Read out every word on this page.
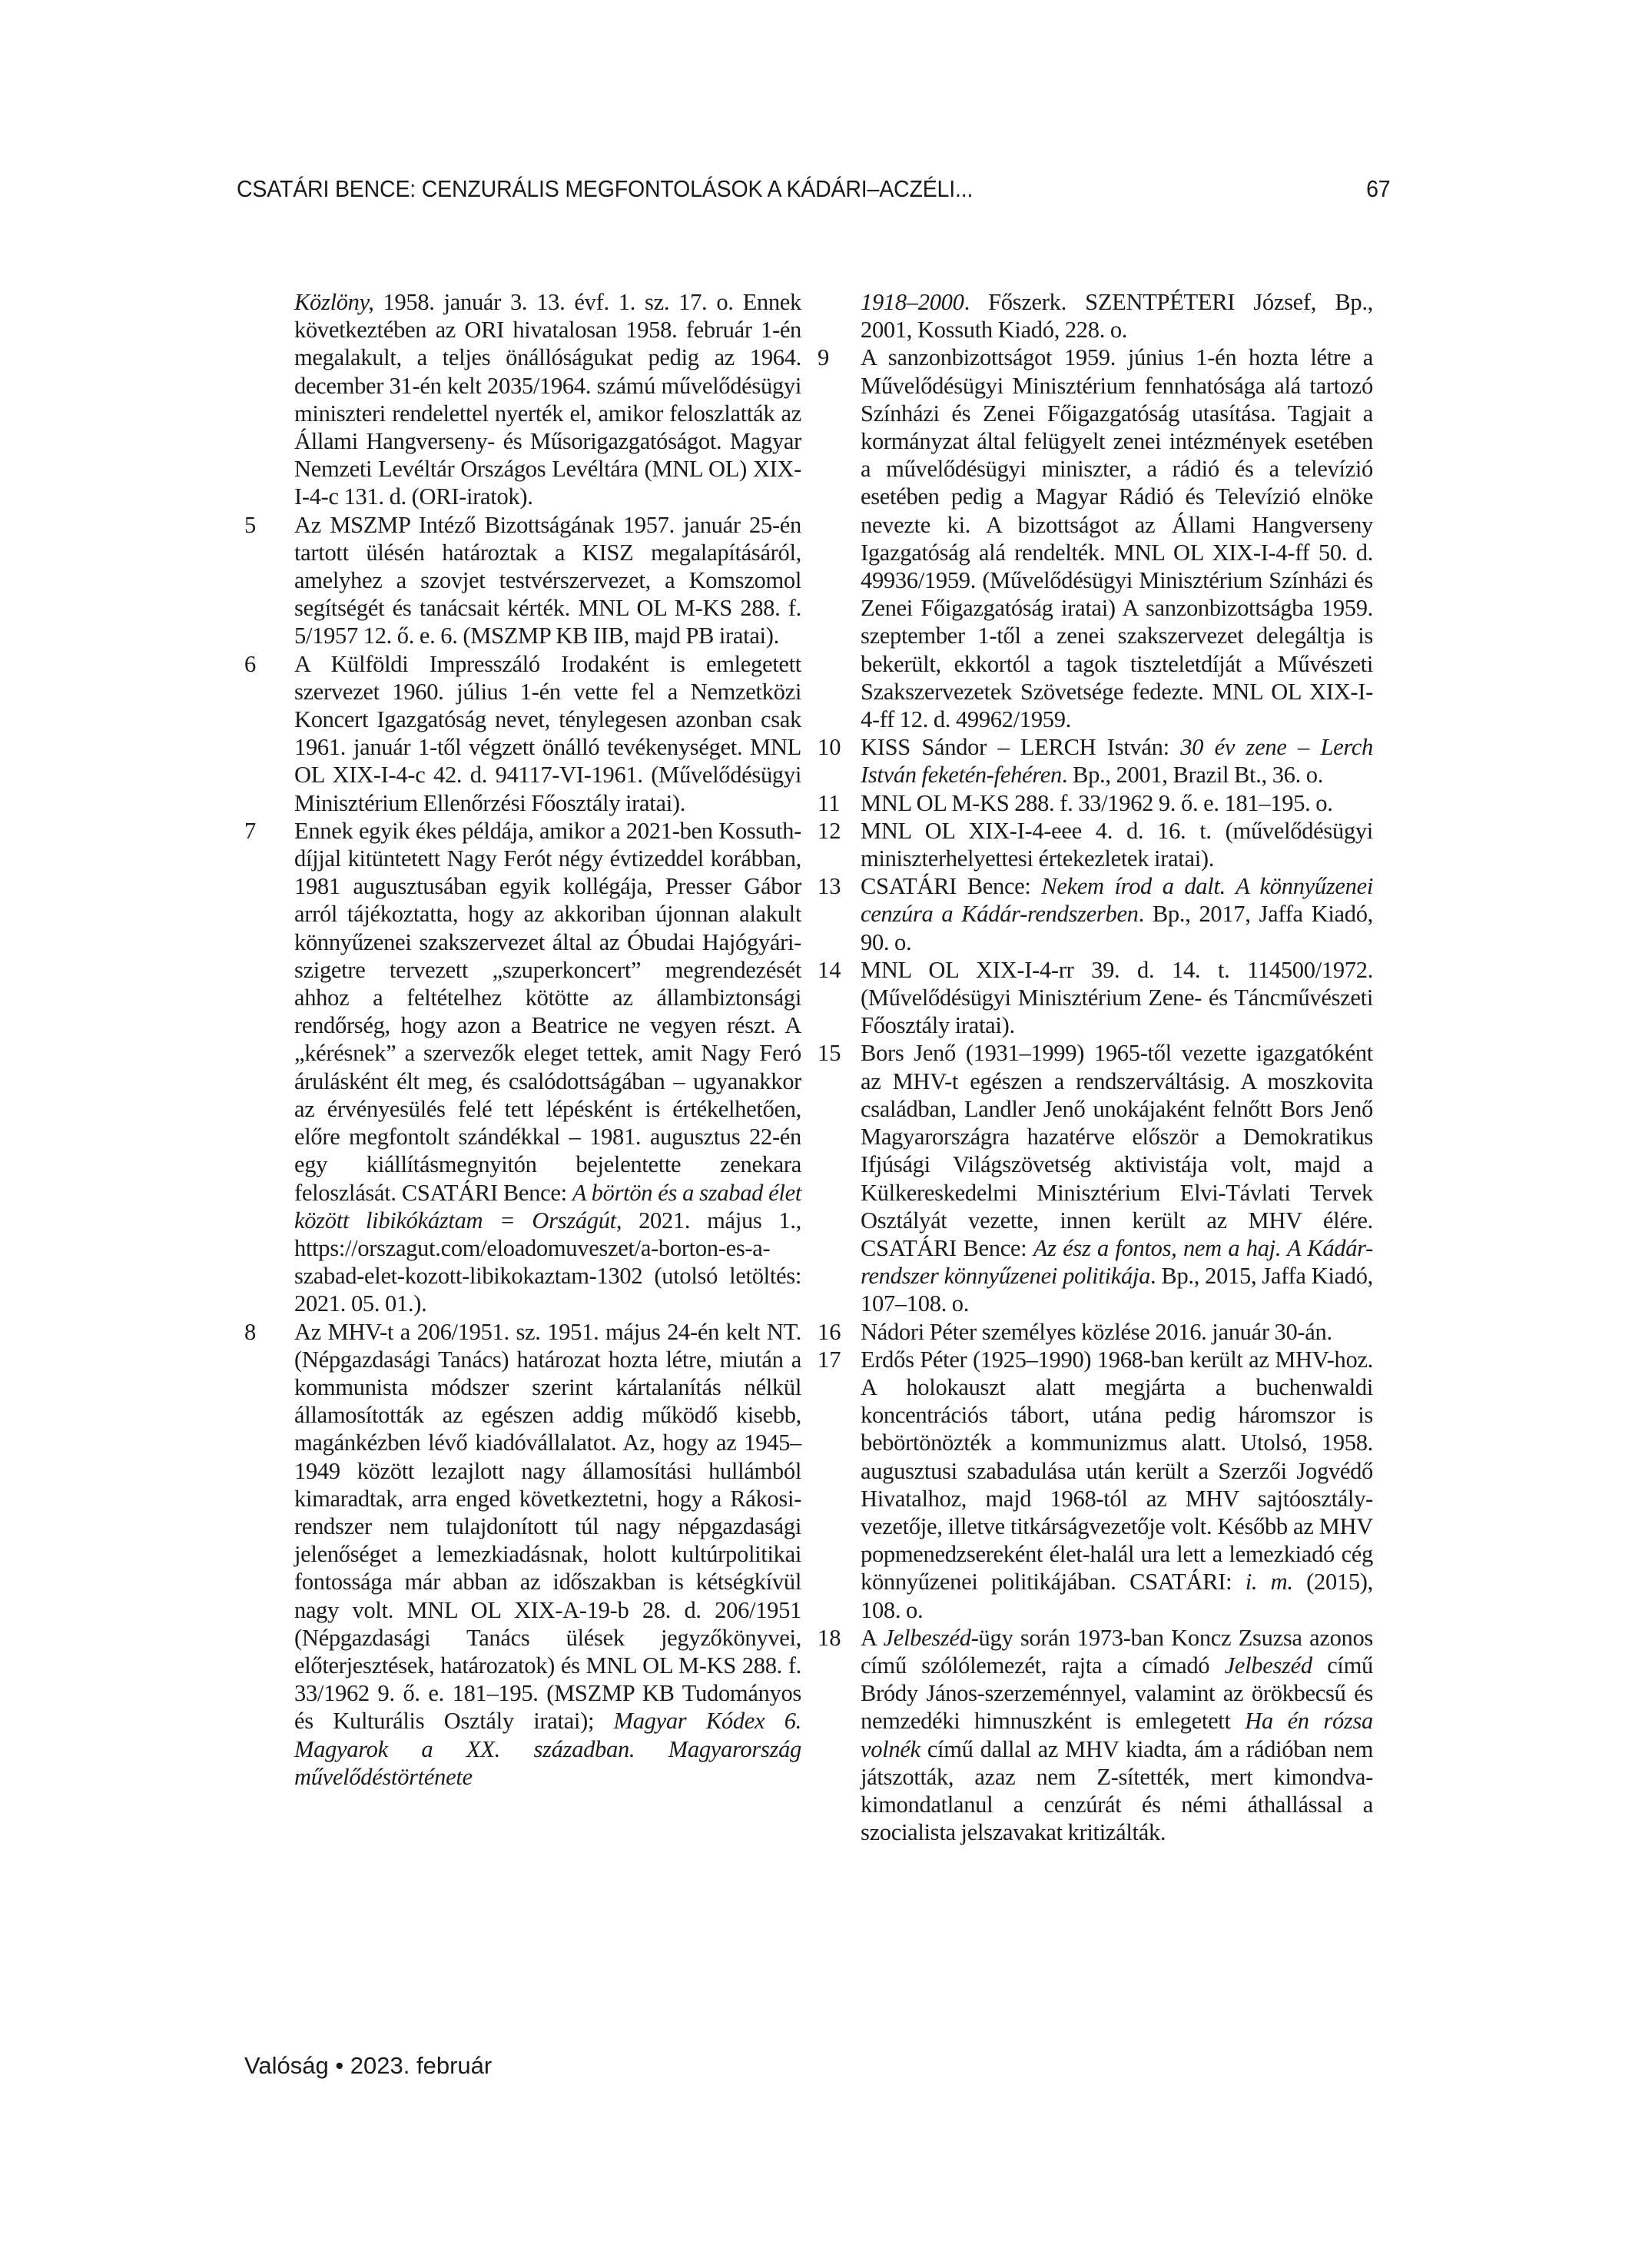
CSATÁRI BENCE: CENZURÁLIS MEGFONTOLÁSOK A KÁDÁRI–ACZÉLI...	67
Közlöny, 1958. január 3. 13. évf. 1. sz. 17. o. Ennek következtében az ORI hivatalosan 1958. február 1-én megalakult, a teljes önállóságukat pedig az 1964. december 31-én kelt 2035/1964. számú művelődésügyi miniszteri rendelettel nyerték el, amikor feloszlatták az Állami Hangverseny- és Műsorigazgatóságot. Magyar Nemzeti Levéltár Országos Levéltára (MNL OL) XIX-I-4-c 131. d. (ORI-iratok).
5 Az MSZMP Intéző Bizottságának 1957. január 25-én tartott ülésén határoztak a KISZ megalapításáról, amelyhez a szovjet testvérszervezet, a Komszomol segítségét és tanácsait kérték. MNL OL M-KS 288. f. 5/1957 12. ő. e. 6. (MSZMP KB IIB, majd PB iratai).
6 A Külföldi Impresszáló Irodaként is emlegetett szervezet 1960. július 1-én vette fel a Nemzetközi Koncert Igazgatóság nevet, ténylegesen azonban csak 1961. január 1-től végzett önálló tevékenységet. MNL OL XIX-I-4-c 42. d. 94117-VI-1961. (Művelődésügyi Minisztérium Ellenőrzési Főosztály iratai).
7 Ennek egyik ékes példája, amikor a 2021-ben Kossuth-díjjal kitüntetett Nagy Ferót négy évtizeddel korábban, 1981 augusztusában egyik kollégája, Presser Gábor arról tájékoztatta, hogy az akkoriban újonnan alakult könnyűzenei szakszervezet által az Óbudai Hajógyári-szigetre tervezett „szuperkoncert” megrendezését ahhoz a feltételhez kötötte az állambiztonsági rendőrség, hogy azon a Beatrice ne vegyen részt. A „kérésnek” a szervezők eleget tettek, amit Nagy Feró árulásként élt meg, és csalódottságában – ugyanakkor az érvényesülés felé tett lépésként is értékelhetően, előre megfontolt szándékkal – 1981. augusztus 22-én egy kiállításmegnyitón bejelentette zenekara feloszlását. CSATÁRI Bence: A börtön és a szabad élet között libikókáztam = Országút, 2021. május 1., https://orszagut.com/eloadomuveszet/a-borton-es-a-szabad-elet-kozott-libikokaztam-1302 (utolsó letöltés: 2021. 05. 01.).
8 Az MHV-t a 206/1951. sz. 1951. május 24-én kelt NT. (Népgazdasági Tanács) határozat hozta létre, miután a kommunista módszer szerint kártalanítás nélkül államosították az egészen addig működő kisebb, magánkézben lévő kiadóvállalatot. Az, hogy az 1945–1949 között lezajlott nagy államosítási hullámból kimaradtak, arra enged következtetni, hogy a Rákosi-rendszer nem tulajdonított túl nagy népgazdasági jelenőséget a lemezkiadásnak, holott kultúrpolitikai fontossága már abban az időszakban is kétségkívül nagy volt. MNL OL XIX-A-19-b 28. d. 206/1951 (Népgazdasági Tanács ülések jegyzőkönyvei, előterjesztések, határozatok) és MNL OL M-KS 288. f. 33/1962 9. ő. e. 181–195. (MSZMP KB Tudományos és Kulturális Osztály iratai); Magyar Kódex 6. Magyarok a XX. században. Magyarország művelődéstörténete
1918–2000. Főszerk. SZENTPÉTERI József, Bp., 2001, Kossuth Kiadó, 228. o.
9 A sanzonbizottságot 1959. június 1-én hozta létre a Művelődésügyi Minisztérium fennhatósága alá tartozó Színházi és Zenei Főigazgatóság utasítása. Tagjait a kormányzat által felügyelt zenei intézmények esetében a művelődésügyi miniszter, a rádió és a televízió esetében pedig a Magyar Rádió és Televízió elnöke nevezte ki. A bizottságot az Állami Hangverseny Igazgatóság alá rendelték. MNL OL XIX-I-4-ff 50. d. 49936/1959. (Művelődésügyi Minisztérium Színházi és Zenei Főigazgatóság iratai) A sanzonbizottságba 1959. szeptember 1-től a zenei szakszervezet delegáltja is bekerült, ekkortól a tagok tiszteletdíját a Művészeti Szakszervezetek Szövetsége fedezte. MNL OL XIX-I-4-ff 12. d. 49962/1959.
10 KISS Sándor – LERCH István: 30 év zene – Lerch István feketén-fehéren. Bp., 2001, Brazil Bt., 36. o.
11 MNL OL M-KS 288. f. 33/1962 9. ő. e. 181–195. o.
12 MNL OL XIX-I-4-eee 4. d. 16. t. (művelődésügyi miniszterhelyettesi értekezletek iratai).
13 CSATÁRI Bence: Nekem írod a dalt. A könnyűzenei cenzúra a Kádár-rendszerben. Bp., 2017, Jaffa Kiadó, 90. o.
14 MNL OL XIX-I-4-rr 39. d. 14. t. 114500/1972. (Művelődésügyi Minisztérium Zene- és Táncművészeti Főosztály iratai).
15 Bors Jenő (1931–1999) 1965-től vezette igazgatóként az MHV-t egészen a rendszerváltásig. A moszkovita családban, Landler Jenő unokájaként felnőtt Bors Jenő Magyarországra hazatérve először a Demokratikus Ifjúsági Világszövetség aktivistája volt, majd a Külkereskedelmi Minisztérium Elvi-Távlati Tervek Osztályát vezette, innen került az MHV élére. CSATÁRI Bence: Az ész a fontos, nem a haj. A Kádár-rendszer könnyűzenei politikája. Bp., 2015, Jaffa Kiadó, 107–108. o.
16 Nádori Péter személyes közlése 2016. január 30-án.
17 Erdős Péter (1925–1990) 1968-ban került az MHV-hoz. A holokauszt alatt megjárta a buchenwaldi koncentrációs tábort, utána pedig háromszor is bebörtönözték a kommunizmus alatt. Utolsó, 1958. augusztusi szabadulása után került a Szerzői Jogvédő Hivatalhoz, majd 1968-tól az MHV sajtóosztály-vezetője, illetve titkárságvezetője volt. Később az MHV popmenedzsereként élet-halál ura lett a lemezkiadó cég könnyűzenei politikájában. CSATÁRI: i. m. (2015), 108. o.
18 A Jelbeszéd-ügy során 1973-ban Koncz Zsuzsa azonos című szólólemezét, rajta a címadó Jelbeszéd című Bródy János-szerzeménnyel, valamint az örökbecsű és nemzedéki himnuszként is emlegetett Ha én rózsa volnék című dallal az MHV kiadta, ám a rádióban nem játszották, azaz nem Z-sítették, mert kimondva-kimondatlanul a cenzúrát és némi áthallással a szocialista jelszavakat kritizálták.
Valóság • 2023. február
